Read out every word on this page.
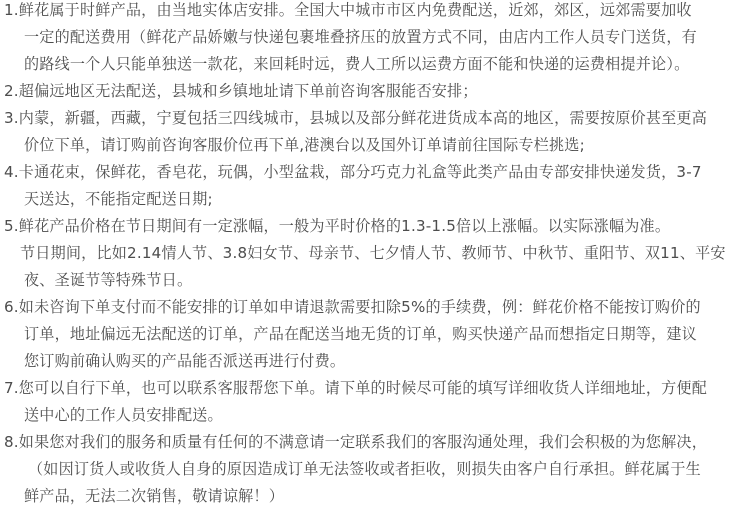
1.鲜花属于时鲜产品，由当地实体店安排。全国大中城市市区内免费配送，近郊，郊区，远郊需要加收
一定的配送费用（鲜花产品娇嫩与快递包裹堆叠挤压的放置方式不同，由店内工作人员专门送货，有
的路线一个人只能单独送一款花，来回耗时远，费人工所以运费方面不能和快递的运费相提并论）。
2.超偏远地区无法配送，县城和乡镇地址请下单前咨询客服能否安排；
3.内蒙，新疆，西藏，宁夏包括三四线城市，县城以及部分鲜花进货成本高的地区，需要按原价甚至更高
价位下单，请订购前咨询客服价位再下单,港澳台以及国外订单请前往国际专栏挑选;
4.卡通花束，保鲜花，香皂花，玩偶，小型盆栽，部分巧克力礼盒等此类产品由专部安排快递发货，3-7
天送达，不能指定配送日期;
5.鲜花产品价格在节日期间有一定涨幅，一般为平时价格的1.3-1.5倍以上涨幅。以实际涨幅为准。
节日期间，比如2.14情人节、3.8妇女节、母亲节、七夕情人节、教师节、中秋节、重阳节、双11、平安
夜、圣诞节等特殊节日。
6.如未咨询下单支付而不能安排的订单如申请退款需要扣除5%的手续费，例：鲜花价格不能按订购价的
订单，地址偏远无法配送的订单，产品在配送当地无货的订单，购买快递产品而想指定日期等，建议
您订购前确认购买的产品能否派送再进行付费。
7.您可以自行下单，也可以联系客服帮您下单。请下单的时候尽可能的填写详细收货人详细地址，方便配
送中心的工作人员安排配送。
8.如果您对我们的服务和质量有任何的不满意请一定联系我们的客服沟通处理，我们会积极的为您解决，
（如因订货人或收货人自身的原因造成订单无法签收或者拒收，则损失由客户自行承担。鲜花属于生
鲜产品，无法二次销售，敬请谅解！）
